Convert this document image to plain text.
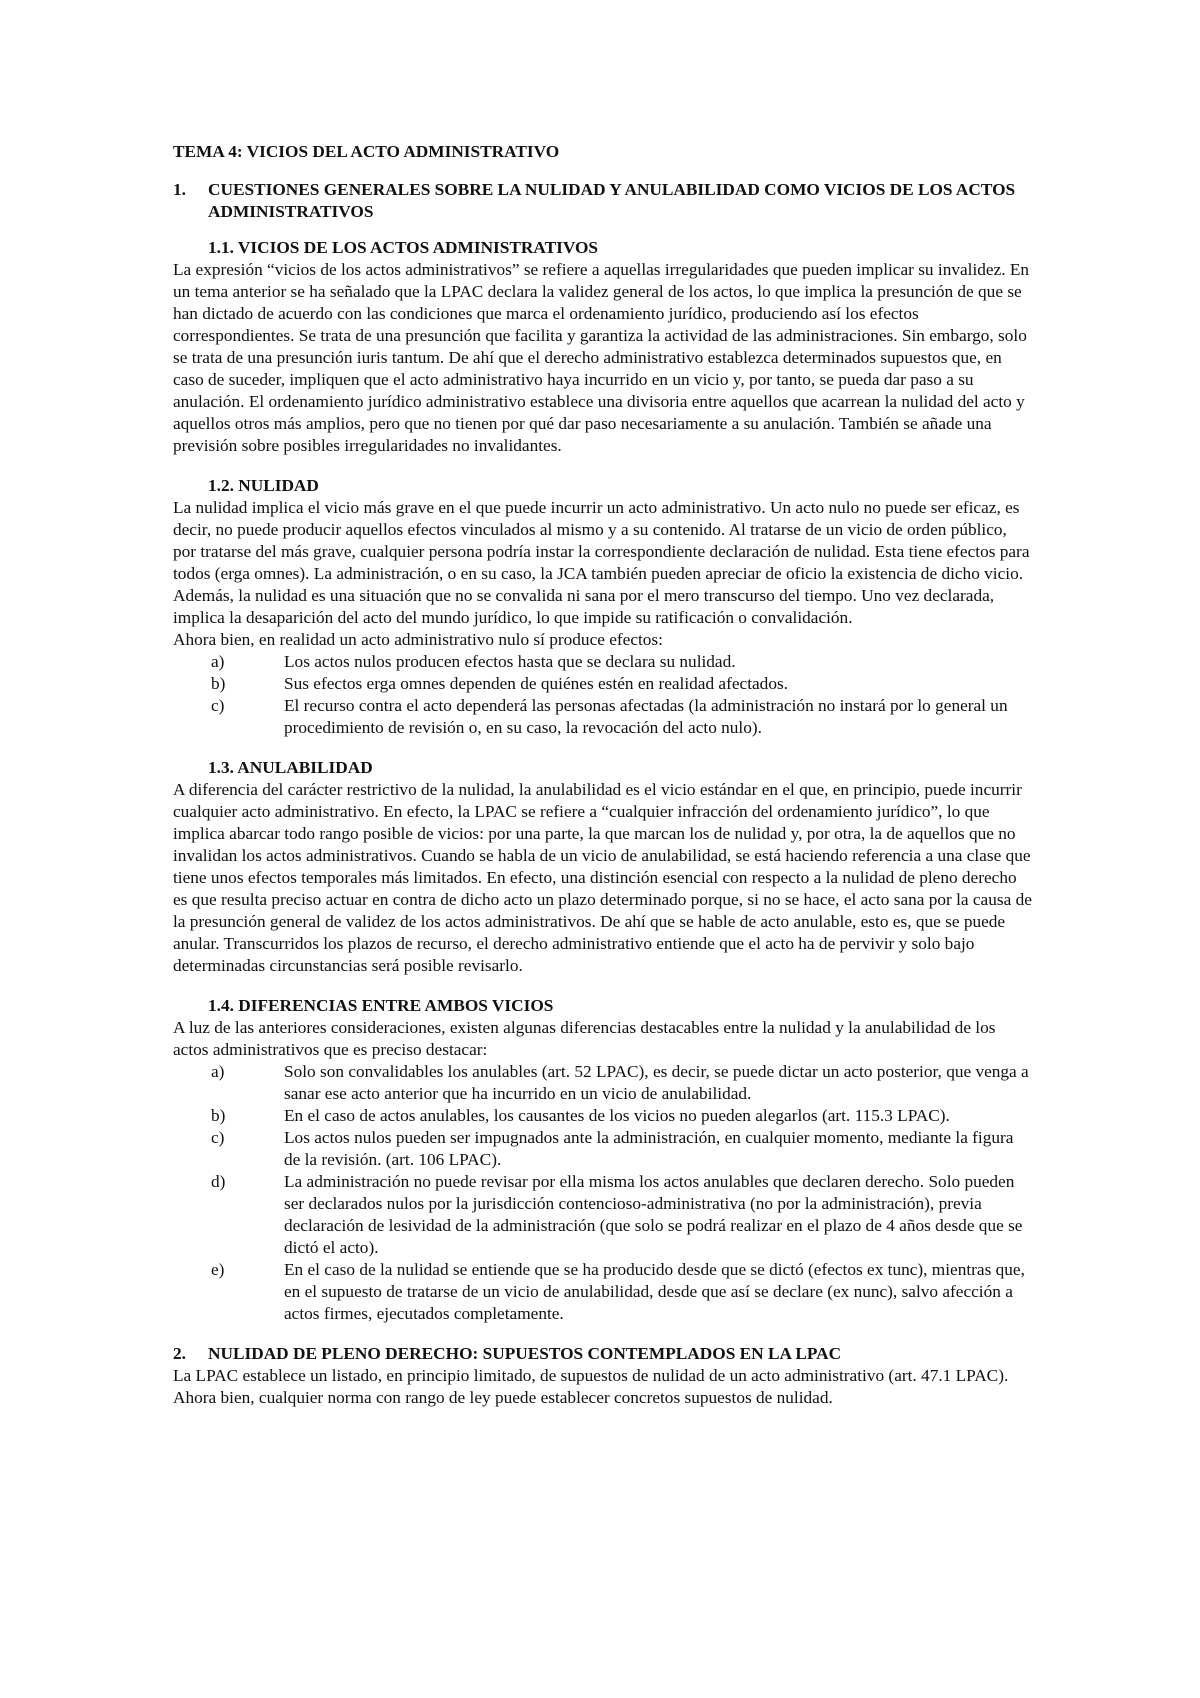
TEMA 4: VICIOS DEL ACTO ADMINISTRATIVO
1.	CUESTIONES GENERALES SOBRE LA NULIDAD Y ANULABILIDAD COMO VICIOS DE LOS ACTOS ADMINISTRATIVOS
1.1. VICIOS DE LOS ACTOS ADMINISTRATIVOS

La expresión “vicios de los actos administrativos” se refiere a aquellas irregularidades que pueden implicar su invalidez. En un tema anterior se ha señalado que la LPAC declara la validez general de los actos, lo que implica la presunción de que se han dictado de acuerdo con las condiciones que marca el ordenamiento jurídico, produciendo así los efectos correspondientes. Se trata de una presunción que facilita y garantiza la actividad de las administraciones. Sin embargo, solo se trata de una presunción iuris tantum. De ahí que el derecho administrativo establezca determinados supuestos que, en caso de suceder, impliquen que el acto administrativo haya incurrido en un vicio y, por tanto, se pueda dar paso a su anulación. El ordenamiento jurídico administrativo establece una divisoria entre aquellos que acarrean la nulidad del acto y aquellos otros más amplios, pero que no tienen por qué dar paso necesariamente a su anulación. También se añade una previsión sobre posibles irregularidades no invalidantes.

1.2. NULIDAD

La nulidad implica el vicio más grave en el que puede incurrir un acto administrativo. Un acto nulo no puede ser eficaz, es decir, no puede producir aquellos efectos vinculados al mismo y a su contenido. Al tratarse de un vicio de orden público, por tratarse del más grave, cualquier persona podría instar la correspondiente declaración de nulidad. Esta tiene efectos para todos (erga omnes). La administración, o en su caso, la JCA también pueden apreciar de oficio la existencia de dicho vicio. Además, la nulidad es una situación que no se convalida ni sana por el mero transcurso del tiempo. Uno vez declarada, implica la desaparición del acto del mundo jurídico, lo que impide su ratificación o convalidación.

Ahora bien, en realidad un acto administrativo nulo sí produce efectos:

a)	Los actos nulos producen efectos hasta que se declara su nulidad.
b)	Sus efectos erga omnes dependen de quiénes estén en realidad afectados.
c)	El recurso contra el acto dependerá las personas afectadas (la administración no instará por lo general un procedimiento de revisión o, en su caso, la revocación del acto nulo).
1.3. ANULABILIDAD

A diferencia del carácter restrictivo de la nulidad, la anulabilidad es el vicio estándar en el que, en principio, puede incurrir cualquier acto administrativo. En efecto, la LPAC se refiere a “cualquier infracción del ordenamiento jurídico”, lo que implica abarcar todo rango posible de vicios: por una parte, la que marcan los de nulidad y, por otra, la de aquellos que no invalidan los actos administrativos. Cuando se habla de un vicio de anulabilidad, se está haciendo referencia a una clase que tiene unos efectos temporales más limitados. En efecto, una distinción esencial con respecto a la nulidad de pleno derecho es que resulta preciso actuar en contra de dicho acto un plazo determinado porque, si no se hace, el acto sana por la causa de la presunción general de validez de los actos administrativos. De ahí que se hable de acto anulable, esto es, que se puede anular. Transcurridos los plazos de recurso, el derecho administrativo entiende que el acto ha de pervivir y solo bajo determinadas circunstancias será posible revisarlo.

1.4. DIFERENCIAS ENTRE AMBOS VICIOS

A luz de las anteriores consideraciones, existen algunas diferencias destacables entre la nulidad y la anulabilidad de los actos administrativos que es preciso destacar:

a)	Solo son convalidables los anulables (art. 52 LPAC), es decir, se puede dictar un acto posterior, que venga a sanar ese acto anterior que ha incurrido en un vicio de anulabilidad.
b)	En el caso de actos anulables, los causantes de los vicios no pueden alegarlos (art. 115.3 LPAC).
c)	Los actos nulos pueden ser impugnados ante la administración, en cualquier momento, mediante la figura de la revisión. (art. 106 LPAC).
d)	La administración no puede revisar por ella misma los actos anulables que declaren derecho. Solo pueden ser declarados nulos por la jurisdicción contencioso-administrativa (no por la administración), previa declaración de lesividad de la administración (que solo se podrá realizar en el plazo de 4 años desde que se dictó el acto).
e)	En el caso de la nulidad se entiende que se ha producido desde que se dictó (efectos ex tunc), mientras que, en el supuesto de tratarse de un vicio de anulabilidad, desde que así se declare (ex nunc), salvo afección a actos firmes, ejecutados completamente.
2.	NULIDAD DE PLENO DERECHO: SUPUESTOS CONTEMPLADOS EN LA LPAC

La LPAC establece un listado, en principio limitado, de supuestos de nulidad de un acto administrativo (art. 47.1 LPAC). Ahora bien, cualquier norma con rango de ley puede establecer concretos supuestos de nulidad.
